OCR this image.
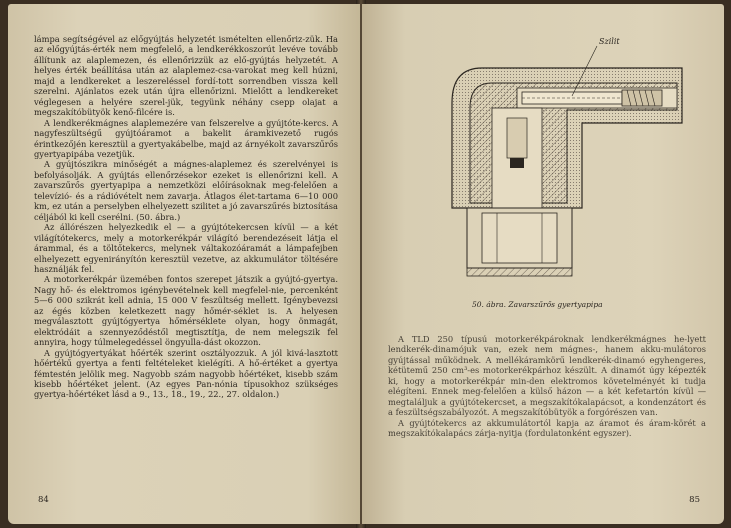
lámpa segítségével az előgyújtás helyzetét ismételten ellenőriz-zük. Ha az előgyújtás-érték nem megfelelő, a lendkerékkoszorút levéve tovább állítunk az alaplemezen, és ellenőrizzük az elő-gyújtás helyzetét. A helyes érték beállítása után az alaplemez-csa-varokat meg kell húzni, majd a lendkereket a leszereléssel fordí-tott sorrendben vissza kell szerelni. Ajánlatos ezek után újra ellenőrizni. Mielőtt a lendkereket véglegesen a helyére szerel-jük, tegyünk néhány csepp olajat a megszakítóbütyök kenő-filcére is.

A lendkerékmágnes alaplemezére van felszerelve a gyújtóte-kercs. A nagyfeszültségű gyújtóáramot a bakelit áramkivezető rugós érintkezőjén keresztül a gyertyakábelbe, majd az árnyékolt zavarszűrős gyertyapipába vezetjük.

A gyújtószikra minőségét a mágnes-alaplemez és szerelvényei is befolyásolják. A gyújtás ellenőrzésekor ezeket is ellenőrizni kell. A zavarszűrős gyertyapipa a nemzetközi előírásoknak meg-felelően a televízió- és a rádióvételt nem zavarja. Átlagos élet-tartama 6—10 000 km, ez után a perselyben elhelyezett szilitet a jó zavarszűrés biztosítása céljából ki kell cserélni. (50. ábra.)

Az állórészen helyezkedik el — a gyújtótekercsen kívül — a két világítótekercs, mely a motorkerékpár világító berendezéseit látja el árammal, és a töltőtekercs, melynek váltakozóáramát a lámpafejben elhelyezett egyenirányítón keresztül vezetve, az akkumulátor töltésére használják fel.

A motorkerékpár üzemében fontos szerepet játszik a gyújtó-gyertya. Nagy hő- és elektromos igénybevételnek kell megfelel-nie, percenként 5—6 000 szikrát kell adnia, 15 000 V feszültség mellett. Igénybevezsi az égés közben keletkezett nagy hőmér-séklet is. A helyesen megválasztott gyújtógyertya hőmérséklete olyan, hogy önmagát, elektródáit a szennyeződéstől megtisztítja, de nem melegszik fel annyira, hogy túlmelegedéssel öngyulla-dást okozzon.

A gyújtógyertyákat hőérték szerint osztályozzuk. A jól kivá-lasztott hőértékű gyertya a fenti feltételeket kielégíti. A hő-értéket a gyertya fémtestén jelölik meg. Nagyobb szám nagyobb hőértéket, kisebb szám kisebb hőértéket jelent. (Az egyes Pan-nónia típusokhoz szükséges gyertya-hőértéket lásd a 9., 13., 18., 19., 22., 27. oldalon.)

84
Szilit
50. ábra. Zavarszűrős gyertyapipa

A TLD 250 típusú motorkerékpároknak lendkerékmágnes he-lyett lendkerék-dinamójuk van, ezek nem mágnes-, hanem akku-mulátoros gyújtással működnek. A mellékáramkörű lendkerék-dinamó egyhengeres, kétütemű 250 cm³-es motorkerékpárhoz készült. A dinamót úgy képezték ki, hogy a motorkerékpár min-den elektromos követelményét ki tudja elégíteni. Ennek meg-felelően a külső házon — a két kefetartón kívül — megtaláljuk a gyújtótekercset, a megszakítókalapácsot, a kondenzátort és a feszültségszabályozót. A megszakítóbütyök a forgórészen van.

A gyújtótekercs az akkumulátortól kapja az áramot és áram-körét a megszakítókalapács zárja-nyitja (fordulatonként egyszer).

85
